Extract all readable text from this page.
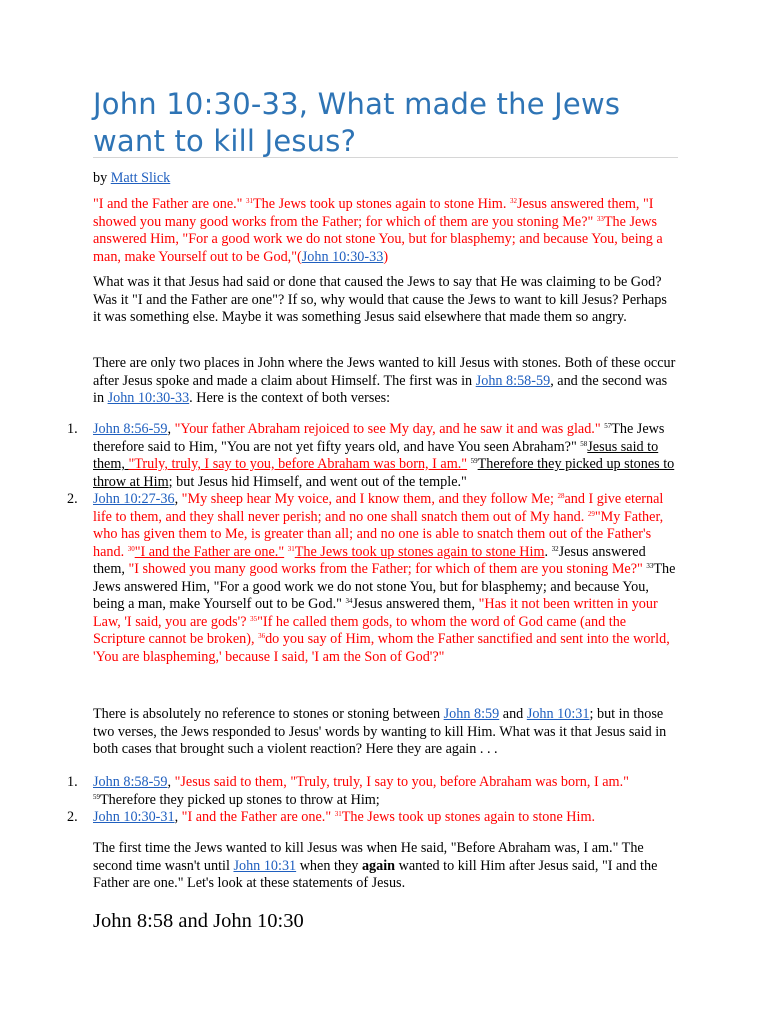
John 10:30-33, What made the Jews want to kill Jesus?

by Matt Slick

"I and the Father are one." $^{31}$The Jews took up stones again to stone Him. $^{32}$Jesus answered them, "I showed you many good works from the Father; for which of them are you stoning Me?" $^{33}$The Jews answered Him, "For a good work we do not stone You, but for blasphemy; and because You, being a man, make Yourself out to be God,"(John 10:30-33)

What was it that Jesus had said or done that caused the Jews to say that He was claiming to be God? Was it "I and the Father are one"? If so, why would that cause the Jews to want to kill Jesus? Perhaps it was something else. Maybe it was something Jesus said elsewhere that made them so angry.

There are only two places in John where the Jews wanted to kill Jesus with stones. Both of these occur after Jesus spoke and made a claim about Himself. The first was in John 8:58-59, and the second was in John 10:30-33. Here is the context of both verses:

1. John 8:56-59, "Your father Abraham rejoiced to see My day, and he saw it and was glad." $^{57}$The Jews therefore said to Him, "You are not yet fifty years old, and have You seen Abraham?" $^{58}$Jesus said to them, "Truly, truly, I say to you, before Abraham was born, I am." $^{59}$Therefore they picked up stones to throw at Him; but Jesus hid Himself, and went out of the temple."
2. John 10:27-36, "My sheep hear My voice, and I know them, and they follow Me; $^{28}$and I give eternal life to them, and they shall never perish; and no one shall snatch them out of My hand. $^{29}$"My Father, who has given them to Me, is greater than all; and no one is able to snatch them out of the Father's hand. $^{30}$"I and the Father are one." $^{31}$The Jews took up stones again to stone Him. $^{32}$Jesus answered them, "I showed you many good works from the Father; for which of them are you stoning Me?" $^{33}$The Jews answered Him, "For a good work we do not stone You, but for blasphemy; and because You, being a man, make Yourself out to be God." $^{34}$Jesus answered them, "Has it not been written in your Law, 'I said, you are gods'? $^{35}$"If he called them gods, to whom the word of God came (and the Scripture cannot be broken), $^{36}$do you say of Him, whom the Father sanctified and sent into the world, 'You are blaspheming,' because I said, 'I am the Son of God'?"

There is absolutely no reference to stones or stoning between John 8:59 and John 10:31; but in those two verses, the Jews responded to Jesus' words by wanting to kill Him. What was it that Jesus said in both cases that brought such a violent reaction? Here they are again . . .

1. John 8:58-59, "Jesus said to them, "Truly, truly, I say to you, before Abraham was born, I am." $^{59}$Therefore they picked up stones to throw at Him;
2. John 10:30-31, "I and the Father are one." $^{31}$The Jews took up stones again to stone Him.

The first time the Jews wanted to kill Jesus was when He said, "Before Abraham was, I am." The second time wasn't until John 10:31 when they again wanted to kill Him after Jesus said, "I and the Father are one." Let's look at these statements of Jesus.

John 8:58 and John 10:30
